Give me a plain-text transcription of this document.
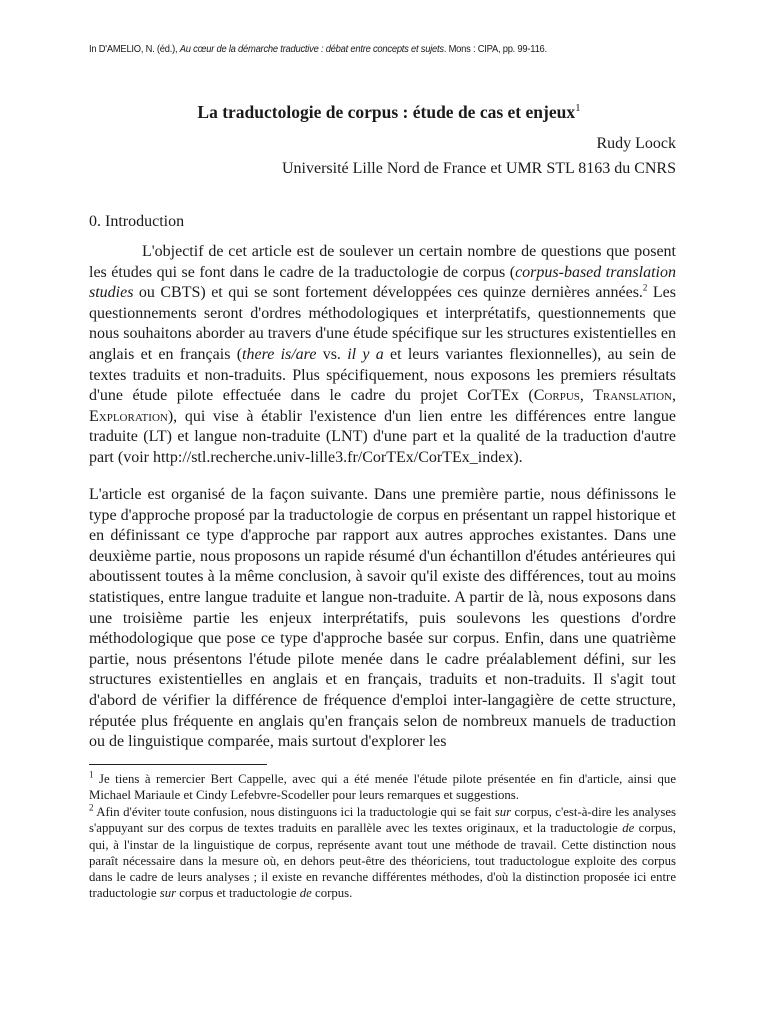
In D'AMELIO, N. (éd.), Au cœur de la démarche traductive : débat entre concepts et sujets. Mons : CIPA, pp. 99-116.
La traductologie de corpus : étude de cas et enjeux$^1$
Rudy Loock
Université Lille Nord de France et UMR STL 8163 du CNRS
0. Introduction

L'objectif de cet article est de soulever un certain nombre de questions que posent les études qui se font dans le cadre de la traductologie de corpus (corpus-based translation studies ou CBTS) et qui se sont fortement développées ces quinze dernières années.$^2$ Les questionnements seront d'ordres méthodologiques et interprétatifs, questionnements que nous souhaitons aborder au travers d'une étude spécifique sur les structures existentielles en anglais et en français (there is/are vs. il y a et leurs variantes flexionnelles), au sein de textes traduits et non-traduits. Plus spécifiquement, nous exposons les premiers résultats d'une étude pilote effectuée dans le cadre du projet CorTEx (Corpus, Translation, Exploration), qui vise à établir l'existence d'un lien entre les différences entre langue traduite (LT) et langue non-traduite (LNT) d'une part et la qualité de la traduction d'autre part (voir http://stl.recherche.univ-lille3.fr/CorTEx/CorTEx_index).

L'article est organisé de la façon suivante. Dans une première partie, nous définissons le type d'approche proposé par la traductologie de corpus en présentant un rappel historique et en définissant ce type d'approche par rapport aux autres approches existantes. Dans une deuxième partie, nous proposons un rapide résumé d'un échantillon d'études antérieures qui aboutissent toutes à la même conclusion, à savoir qu'il existe des différences, tout au moins statistiques, entre langue traduite et langue non-traduite. A partir de là, nous exposons dans une troisième partie les enjeux interprétatifs, puis soulevons les questions d'ordre méthodologique que pose ce type d'approche basée sur corpus. Enfin, dans une quatrième partie, nous présentons l'étude pilote menée dans le cadre préalablement défini, sur les structures existentielles en anglais et en français, traduits et non-traduits. Il s'agit tout d'abord de vérifier la différence de fréquence d'emploi inter-langagière de cette structure, réputée plus fréquente en anglais qu'en français selon de nombreux manuels de traduction ou de linguistique comparée, mais surtout d'explorer les

$^1$ Je tiens à remercier Bert Cappelle, avec qui a été menée l'étude pilote présentée en fin d'article, ainsi que Michael Mariaule et Cindy Lefebvre-Scodeller pour leurs remarques et suggestions.

$^2$ Afin d'éviter toute confusion, nous distinguons ici la traductologie qui se fait sur corpus, c'est-à-dire les analyses s'appuyant sur des corpus de textes traduits en parallèle avec les textes originaux, et la traductologie de corpus, qui, à l'instar de la linguistique de corpus, représente avant tout une méthode de travail. Cette distinction nous paraît nécessaire dans la mesure où, en dehors peut-être des théoriciens, tout traductologue exploite des corpus dans le cadre de leurs analyses ; il existe en revanche différentes méthodes, d'où la distinction proposée ici entre traductologie sur corpus et traductologie de corpus.
